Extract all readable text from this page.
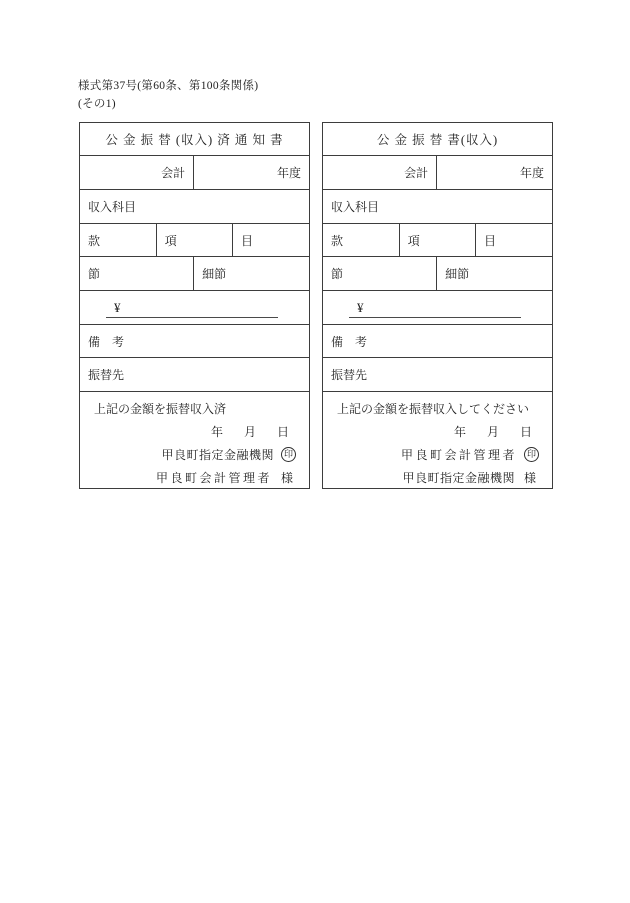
様式第37号(第60条、第100条関係)
(その1)
公 金 振 替 (収入) 済 通 知 書
会計	年度
収入科目
款	項	目
節	細節
¥
備　考
振替先
上記の金額を振替収入済
年 月 日
甲良町指定金融機関 印
甲良町会計管理者 様
公 金 振 替 書(収入)
会計	年度
収入科目
款	項	目
節	細節
¥
備　考
振替先
上記の金額を振替収入してください
年 月 日
甲良町会計管理者 印
甲良町指定金融機関 様
